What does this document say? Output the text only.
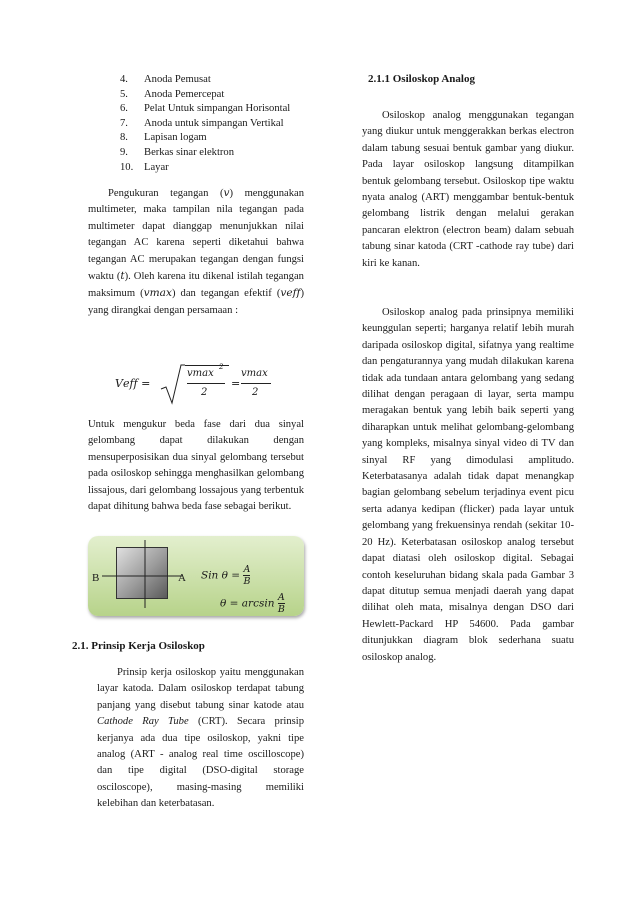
4.	Anoda Pemusat
5.	Anoda Pemercepat
6.	Pelat Untuk simpangan Horisontal
7.	Anoda untuk simpangan Vertikal
8.	Lapisan logam
9.	Berkas sinar elektron
10.	Layar

Pengukuran tegangan (𝑣) menggunakan multimeter, maka tampilan nila tegangan pada multimeter dapat dianggap menunjukkan nilai tegangan AC karena seperti diketahui bahwa tegangan AC merupakan tegangan dengan fungsi waktu (𝑡). Oleh karena itu dikenal istilah tegangan maksimum (𝑣𝑚𝑎𝑥) dan tegangan efektif (𝑣𝑒𝑓𝑓) yang dirangkai dengan persamaan :

𝑉𝑒𝑓𝑓 =
𝑣𝑚𝑎𝑥
2
2
=
𝑣𝑚𝑎𝑥
2

Untuk mengukur beda fase dari dua sinyal gelombang dapat dilakukan dengan mensuperposisikan dua sinyal gelombang tersebut pada osiloskop sehingga menghasilkan gelombang lissajous, dari gelombang lossajous yang terbentuk dapat dihitung bahwa beda fase sebagai berikut.

B	A 𝑆𝑖𝑛 𝜃 = $\frac{\text{𝐴}}{\text{𝐵}}$
𝜃 = 𝑎𝑟𝑐𝑠𝑖𝑛 $\frac{\text{𝐴}}{\text{𝐵}}$
2.1. Prinsip Kerja Osiloskop

Prinsip kerja osiloskop yaitu menggunakan layar katoda. Dalam osiloskop terdapat tabung panjang yang disebut tabung sinar katode atau Cathode Ray Tube (CRT). Secara prinsip kerjanya ada dua tipe osiloskop, yakni tipe analog (ART - analog real time oscilloscope) dan tipe digital (DSO-digital storage osciloscope), masing-masing memiliki kelebihan dan keterbatasan.

2.1.1 Osiloskop Analog

Osiloskop analog menggunakan tegangan yang diukur untuk menggerakkan berkas electron dalam tabung sesuai bentuk gambar yang diukur. Pada layar osiloskop langsung ditampilkan bentuk gelombang tersebut. Osiloskop tipe waktu nyata analog (ART) menggambar bentuk-bentuk gelombang listrik dengan melalui gerakan pancaran elektron (electron beam) dalam sebuah tabung sinar katoda (CRT -cathode ray tube) dari kiri ke kanan.

Osiloskop analog pada prinsipnya memiliki keunggulan seperti; harganya relatif lebih murah daripada osiloskop digital, sifatnya yang realtime dan pengaturannya yang mudah dilakukan karena tidak ada tundaan antara gelombang yang sedang dilihat dengan peragaan di layar, serta mampu meragakan bentuk yang lebih baik seperti yang diharapkan untuk melihat gelombang-gelombang yang kompleks, misalnya sinyal video di TV dan sinyal RF yang dimodulasi amplitudo. Keterbatasanya adalah tidak dapat menangkap bagian gelombang sebelum terjadinya event picu serta adanya kedipan (flicker) pada layar untuk gelombang yang frekuensinya rendah (sekitar 10-20 Hz). Keterbatasan osiloskop analog tersebut dapat diatasi oleh osiloskop digital. Sebagai contoh keseluruhan bidang skala pada Gambar 3 dapat ditutup semua menjadi daerah yang dapat dilihat oleh mata, misalnya dengan DSO dari Hewlett-Packard HP 54600. Pada gambar ditunjukkan diagram blok sederhana suatu osiloskop analog.
